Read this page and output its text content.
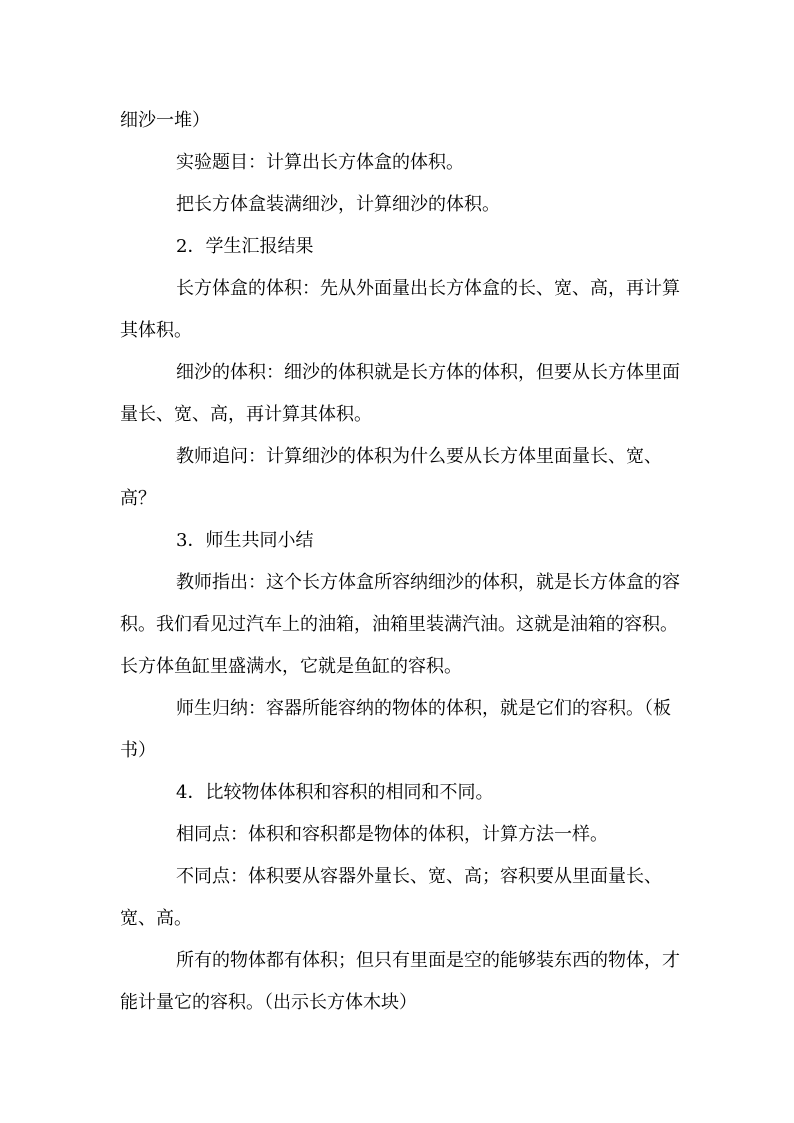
细沙一堆）

实验题目：计算出长方体盒的体积。

把长方体盒装满细沙，计算细沙的体积。

2．学生汇报结果

长方体盒的体积：先从外面量出长方体盒的长、宽、高，再计算其体积。

细沙的体积：细沙的体积就是长方体的体积，但要从长方体里面量长、宽、高，再计算其体积。

教师追问：计算细沙的体积为什么要从长方体里面量长、宽、高？

3．师生共同小结

教师指出：这个长方体盒所容纳细沙的体积，就是长方体盒的容积。我们看见过汽车上的油箱，油箱里装满汽油。这就是油箱的容积。长方体鱼缸里盛满水，它就是鱼缸的容积。

师生归纳：容器所能容纳的物体的体积，就是它们的容积。（板书）

4．比较物体体积和容积的相同和不同。

相同点：体积和容积都是物体的体积，计算方法一样。

不同点：体积要从容器外量长、宽、高；容积要从里面量长、宽、高。

所有的物体都有体积；但只有里面是空的能够装东西的物体，才能计量它的容积。（出示长方体木块）
